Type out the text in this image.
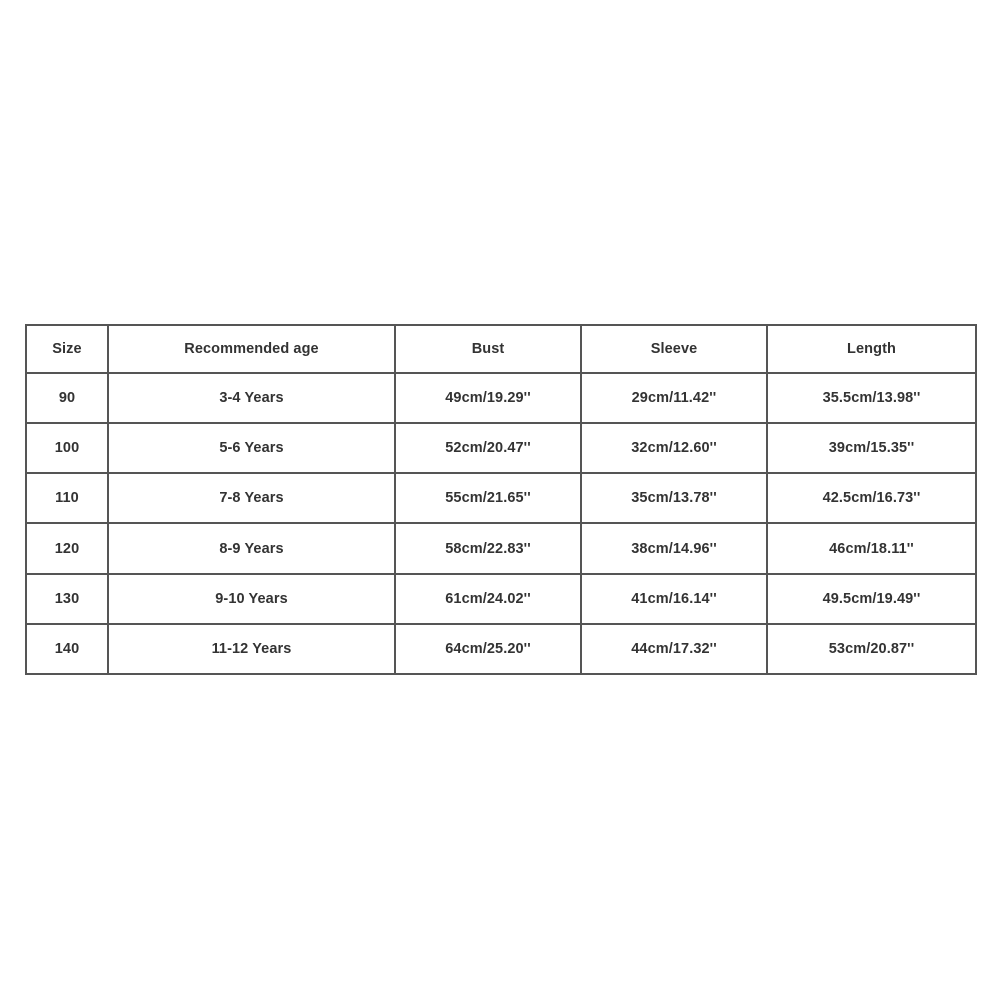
Size	Recommended age	Bust	Sleeve	Length
90	3-4 Years	49cm/19.29''	29cm/11.42''	35.5cm/13.98''
100	5-6 Years	52cm/20.47''	32cm/12.60''	39cm/15.35''
110	7-8 Years	55cm/21.65''	35cm/13.78''	42.5cm/16.73''
120	8-9 Years	58cm/22.83''	38cm/14.96''	46cm/18.11''
130	9-10 Years	61cm/24.02''	41cm/16.14''	49.5cm/19.49''
140	11-12 Years	64cm/25.20''	44cm/17.32''	53cm/20.87''
